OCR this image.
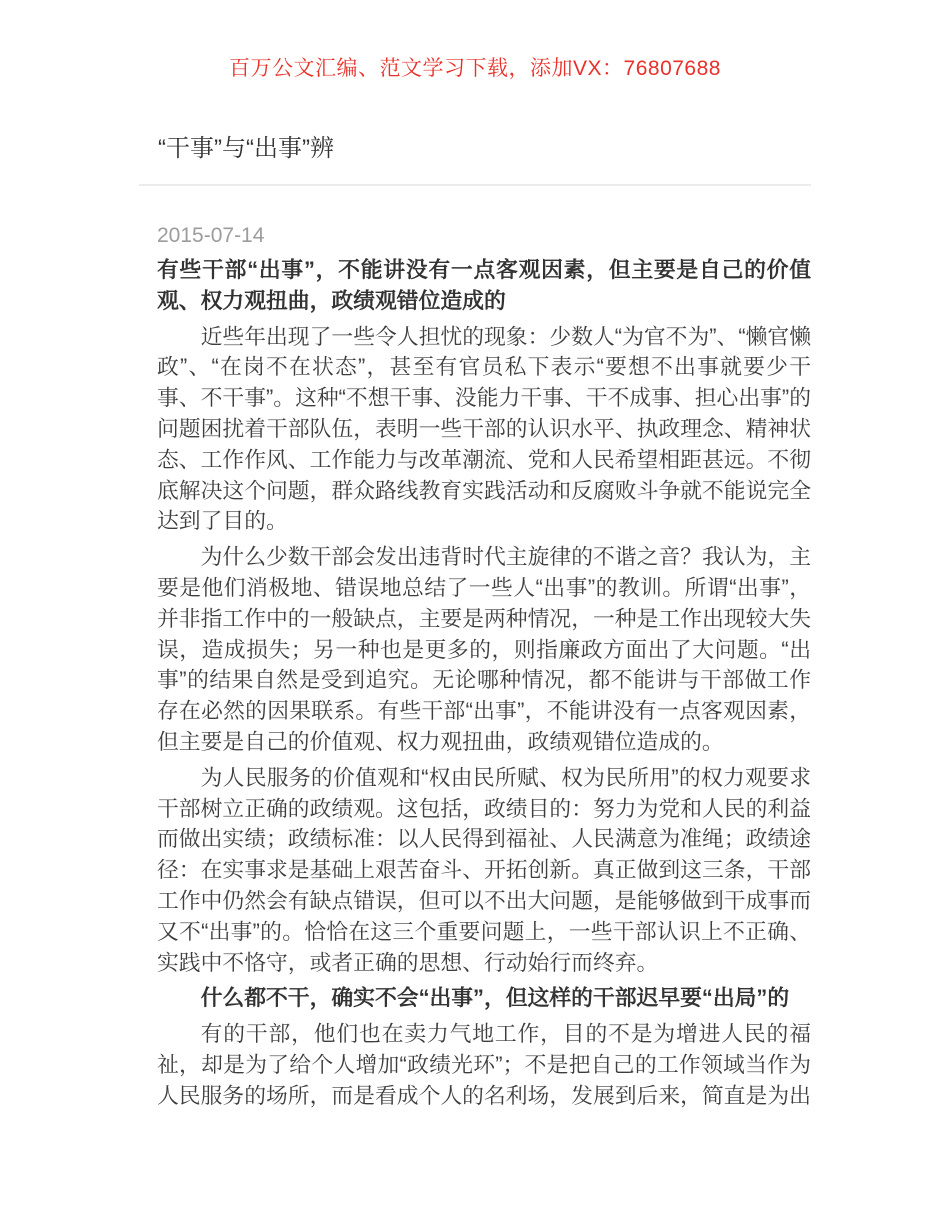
百万公文汇编、范文学习下载，添加VX：76807688
“干事”与“出事”辨
2015-07-14

有些干部“出事”，不能讲没有一点客观因素，但主要是自己的价值观、权力观扭曲，政绩观错位造成的

近些年出现了一些令人担忧的现象：少数人“为官不为”、“懒官懒政”、“在岗不在状态”，甚至有官员私下表示“要想不出事就要少干事、不干事”。这种“不想干事、没能力干事、干不成事、担心出事”的问题困扰着干部队伍，表明一些干部的认识水平、执政理念、精神状态、工作作风、工作能力与改革潮流、党和人民希望相距甚远。不彻底解决这个问题，群众路线教育实践活动和反腐败斗争就不能说完全达到了目的。

为什么少数干部会发出违背时代主旋律的不谐之音？我认为，主要是他们消极地、错误地总结了一些人“出事”的教训。所谓“出事”，并非指工作中的一般缺点，主要是两种情况，一种是工作出现较大失误，造成损失；另一种也是更多的，则指廉政方面出了大问题。“出事”的结果自然是受到追究。无论哪种情况，都不能讲与干部做工作存在必然的因果联系。有些干部“出事”，不能讲没有一点客观因素，但主要是自己的价值观、权力观扭曲，政绩观错位造成的。

为人民服务的价值观和“权由民所赋、权为民所用”的权力观要求干部树立正确的政绩观。这包括，政绩目的：努力为党和人民的利益而做出实绩；政绩标准：以人民得到福祉、人民满意为准绳；政绩途径：在实事求是基础上艰苦奋斗、开拓创新。真正做到这三条，干部工作中仍然会有缺点错误，但可以不出大问题，是能够做到干成事而又不“出事”的。恰恰在这三个重要问题上，一些干部认识上不正确、实践中不恪守，或者正确的思想、行动始行而终弃。

什么都不干，确实不会“出事”，但这样的干部迟早要“出局”的

有的干部，他们也在卖力气地工作，目的不是为增进人民的福祉，却是为了给个人增加“政绩光环”；不是把自己的工作领域当作为人民服务的场所，而是看成个人的名利场，发展到后来，简直是为出
